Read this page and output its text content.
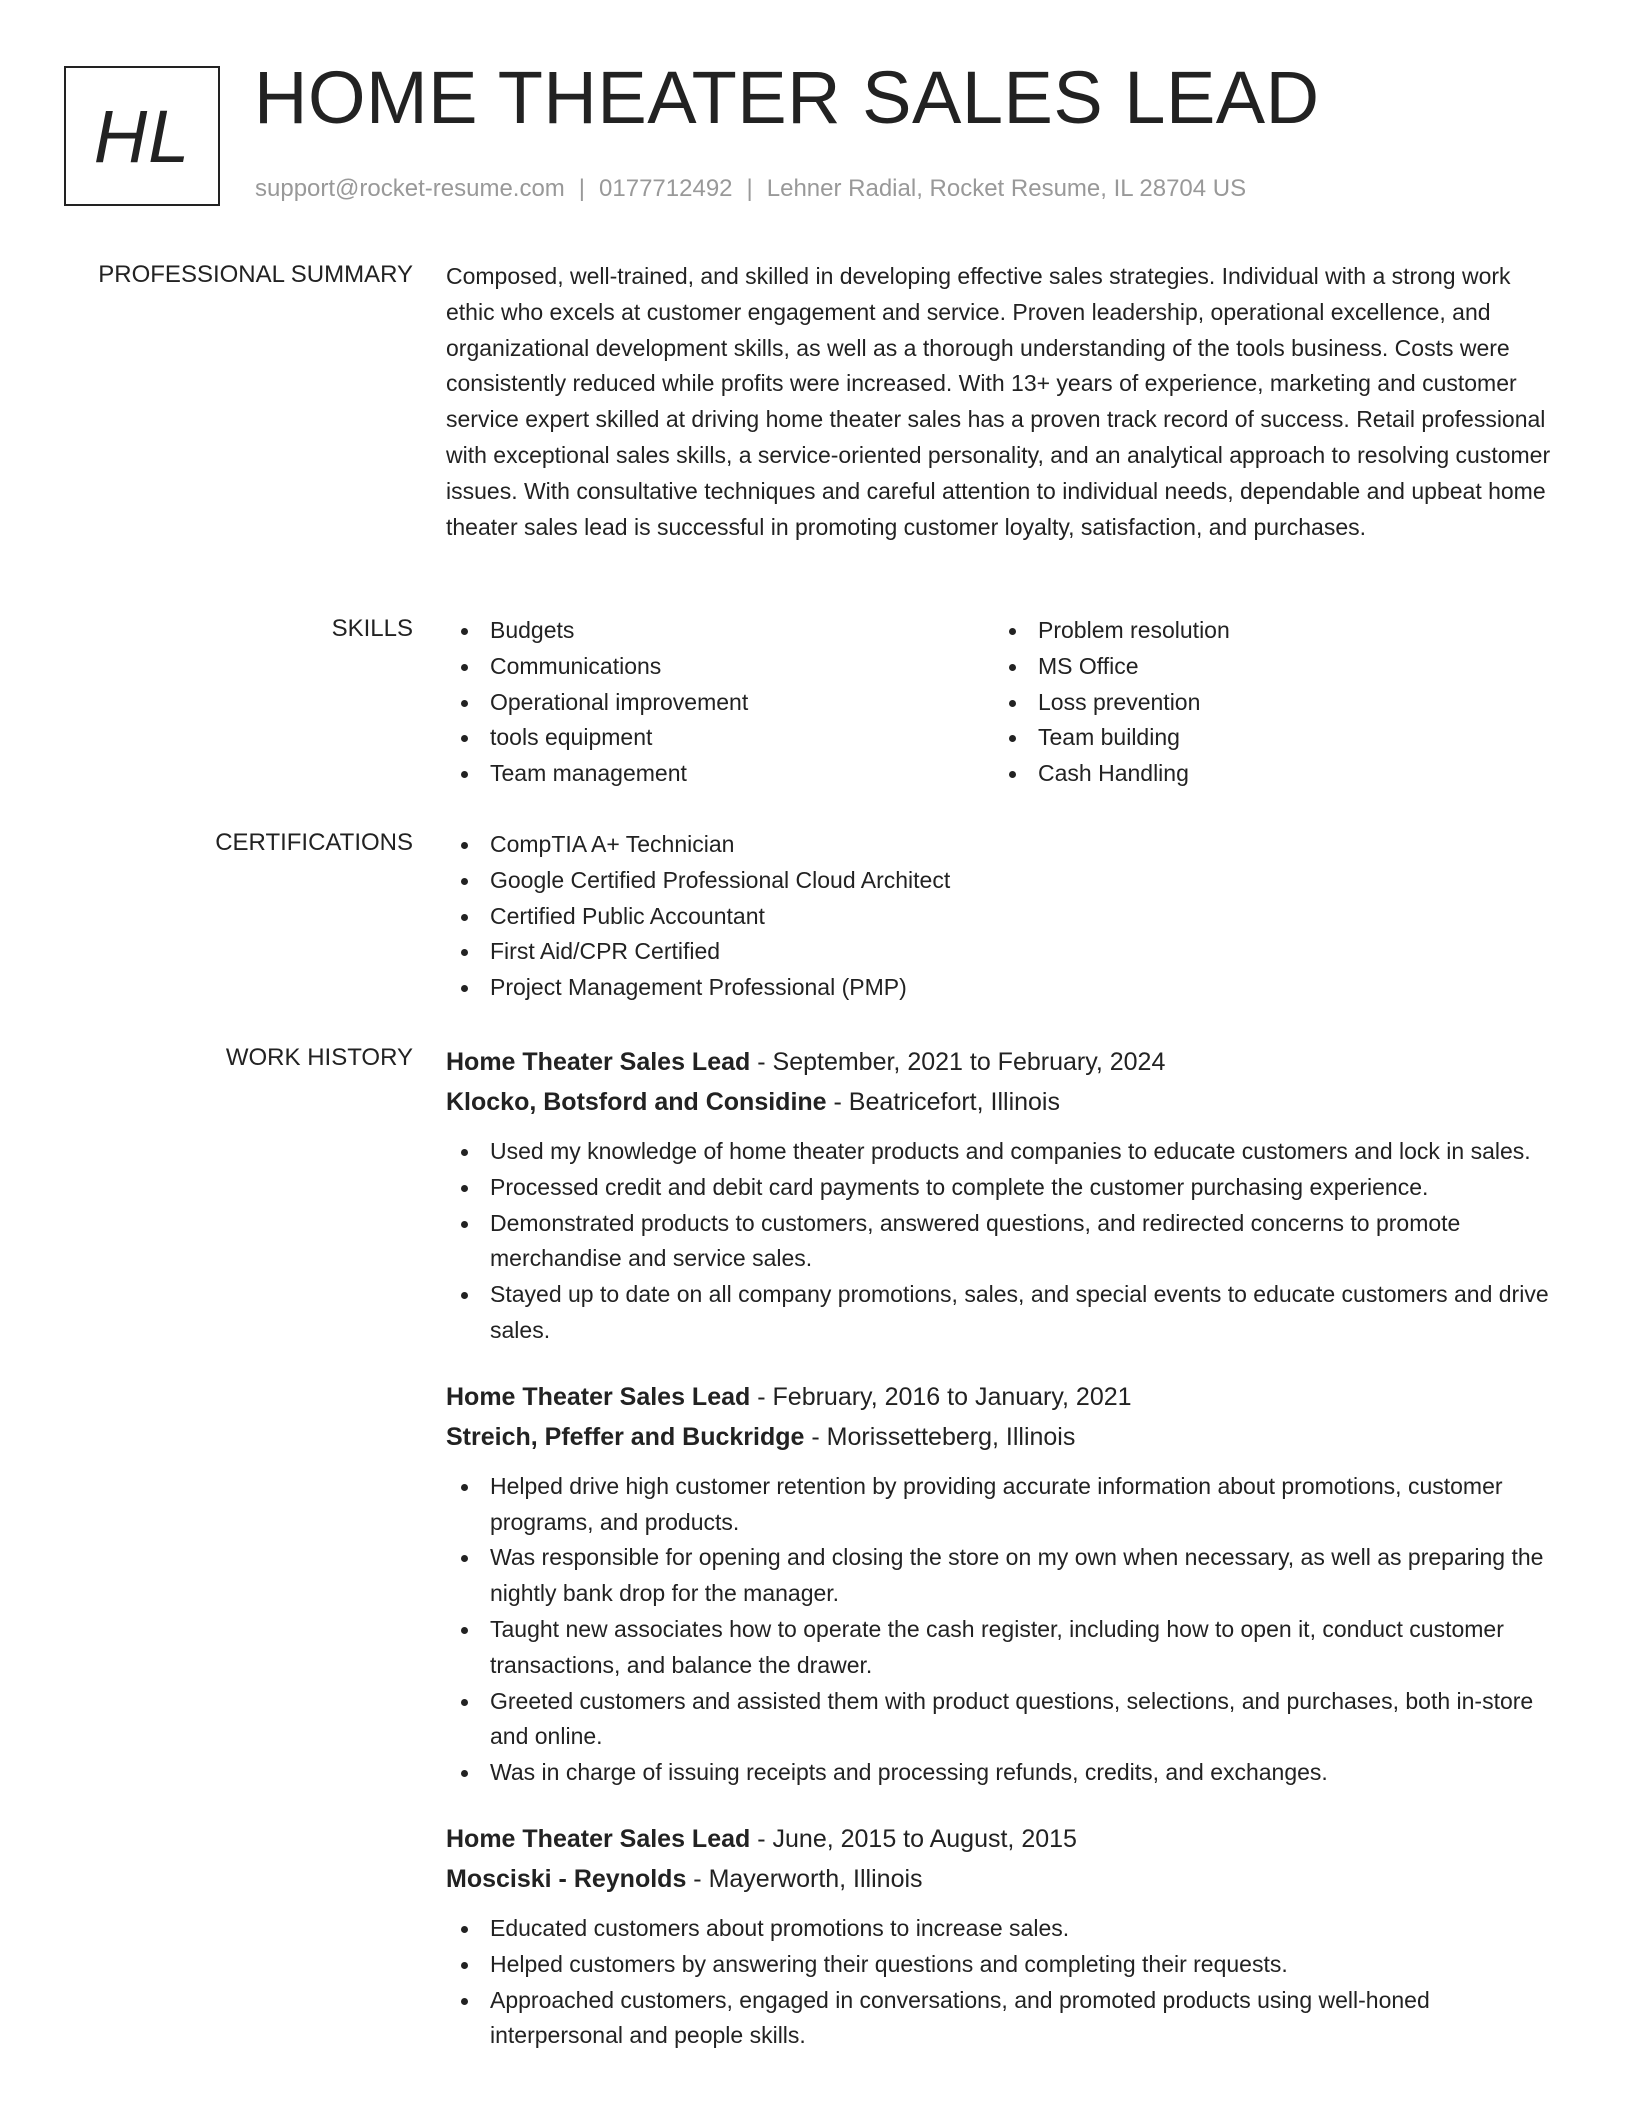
HL HOME THEATER SALES LEAD
support@rocket-resume.com | 0177712492 | Lehner Radial, Rocket Resume, IL 28704 US
PROFESSIONAL SUMMARY Composed, well-trained, and skilled in developing effective sales strategies. Individual with a strong work ethic who excels at customer engagement and service. Proven leadership, operational excellence, and organizational development skills, as well as a thorough understanding of the tools business. Costs were consistently reduced while profits were increased. With 13+ years of experience, marketing and customer service expert skilled at driving home theater sales has a proven track record of success. Retail professional with exceptional sales skills, a service-oriented personality, and an analytical approach to resolving customer issues. With consultative techniques and careful attention to individual needs, dependable and upbeat home theater sales lead is successful in promoting customer loyalty, satisfaction, and purchases.

SKILLS	Budgets
Communications
Operational improvement
tools equipment
Team management
Problem resolution
MS Office
Loss prevention
Team building
Cash Handling
CERTIFICATIONS	CompTIA A+ Technician
Google Certified Professional Cloud Architect
Certified Public Accountant
First Aid/CPR Certified
Project Management Professional (PMP)
WORK HISTORY Home Theater Sales Lead - September, 2021 to February, 2024
Klocko, Botsford and Considine - Beatricefort, Illinois
Used my knowledge of home theater products and companies to educate customers and lock in sales.
Processed credit and debit card payments to complete the customer purchasing experience.
Demonstrated products to customers, answered questions, and redirected concerns to promote merchandise and service sales.
Stayed up to date on all company promotions, sales, and special events to educate customers and drive sales.
Home Theater Sales Lead - February, 2016 to January, 2021
Streich, Pfeffer and Buckridge - Morissetteberg, Illinois
Helped drive high customer retention by providing accurate information about promotions, customer programs, and products.
Was responsible for opening and closing the store on my own when necessary, as well as preparing the nightly bank drop for the manager.
Taught new associates how to operate the cash register, including how to open it, conduct customer transactions, and balance the drawer.
Greeted customers and assisted them with product questions, selections, and purchases, both in-store and online.
Was in charge of issuing receipts and processing refunds, credits, and exchanges.
Home Theater Sales Lead - June, 2015 to August, 2015
Mosciski - Reynolds - Mayerworth, Illinois
Educated customers about promotions to increase sales.
Helped customers by answering their questions and completing their requests.
Approached customers, engaged in conversations, and promoted products using well-honed interpersonal and people skills.
